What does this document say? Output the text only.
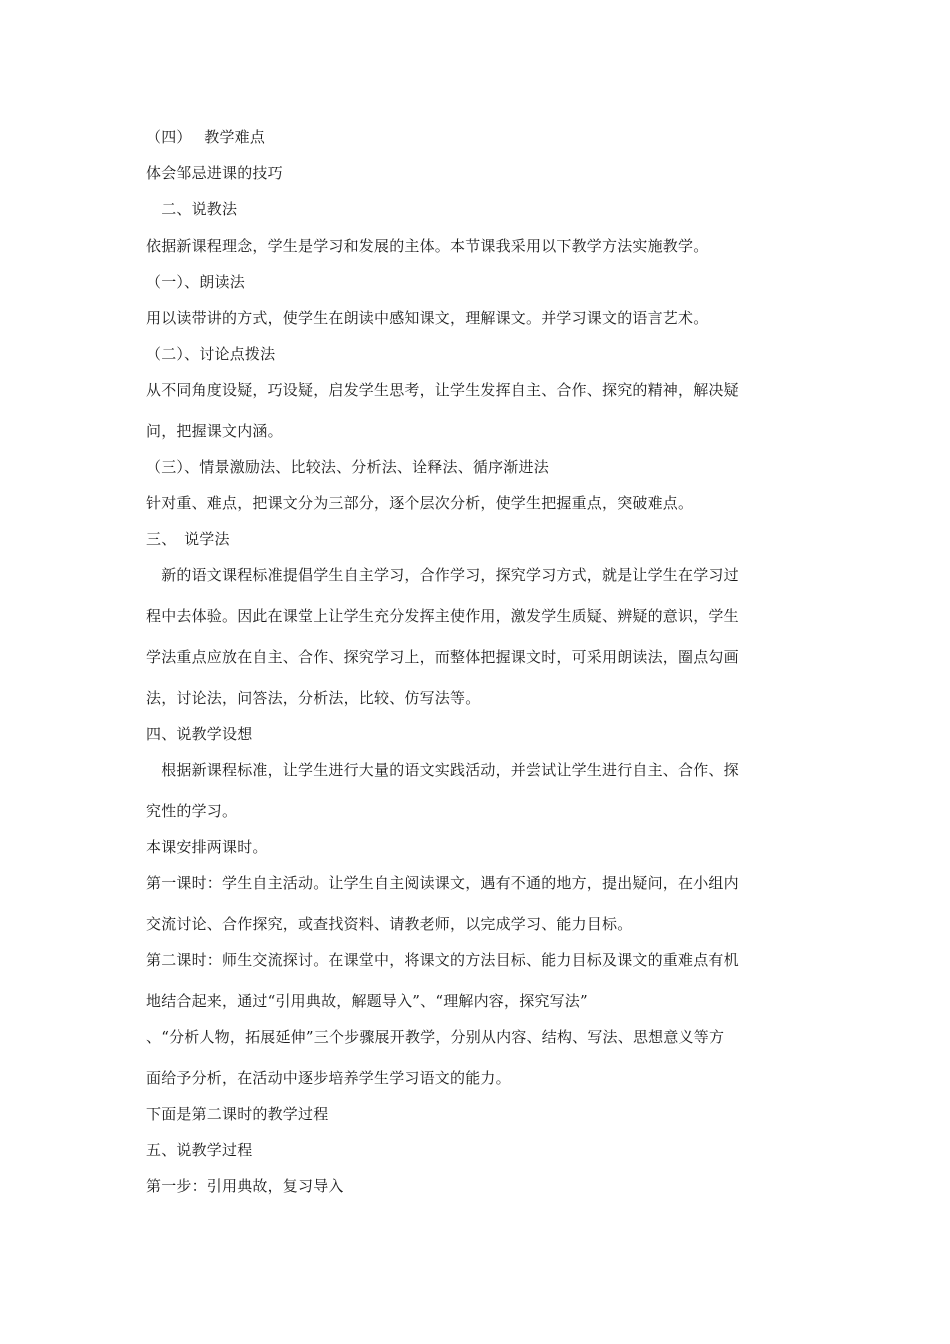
（四）　 教学难点
体会邹忌进课的技巧
　二、说教法
依据新课程理念，学生是学习和发展的主体。本节课我采用以下教学方法实施教学。
（一）、朗读法
用以读带讲的方式，使学生在朗读中感知课文，理解课文。并学习课文的语言艺术。
（二）、讨论点拨法
从不同角度设疑，巧设疑，启发学生思考，让学生发挥自主、合作、探究的精神，解决疑
问，把握课文内涵。
（三）、情景激励法、比较法、分析法、诠释法、循序渐进法
针对重、难点，把课文分为三部分，逐个层次分析，使学生把握重点，突破难点。
三、　说学法
　新的语文课程标准提倡学生自主学习，合作学习，探究学习方式，就是让学生在学习过
程中去体验。因此在课堂上让学生充分发挥主使作用，激发学生质疑、辨疑的意识，学生
学法重点应放在自主、合作、探究学习上，而整体把握课文时，可采用朗读法，圈点勾画
法，讨论法，问答法，分析法，比较、仿写法等。
四、说教学设想
　根据新课程标准，让学生进行大量的语文实践活动，并尝试让学生进行自主、合作、探
究性的学习。
本课安排两课时。
第一课时：学生自主活动。让学生自主阅读课文，遇有不通的地方，提出疑问，在小组内
交流讨论、合作探究，或查找资料、请教老师，以完成学习、能力目标。
第二课时：师生交流探讨。在课堂中，将课文的方法目标、能力目标及课文的重难点有机
地结合起来，通过“引用典故，解题导入”、“理解内容，探究写法”
、“分析人物，拓展延伸”三个步骤展开教学，分别从内容、结构、写法、思想意义等方
面给予分析，在活动中逐步培养学生学习语文的能力。
下面是第二课时的教学过程
五、说教学过程
第一步：引用典故，复习导入
